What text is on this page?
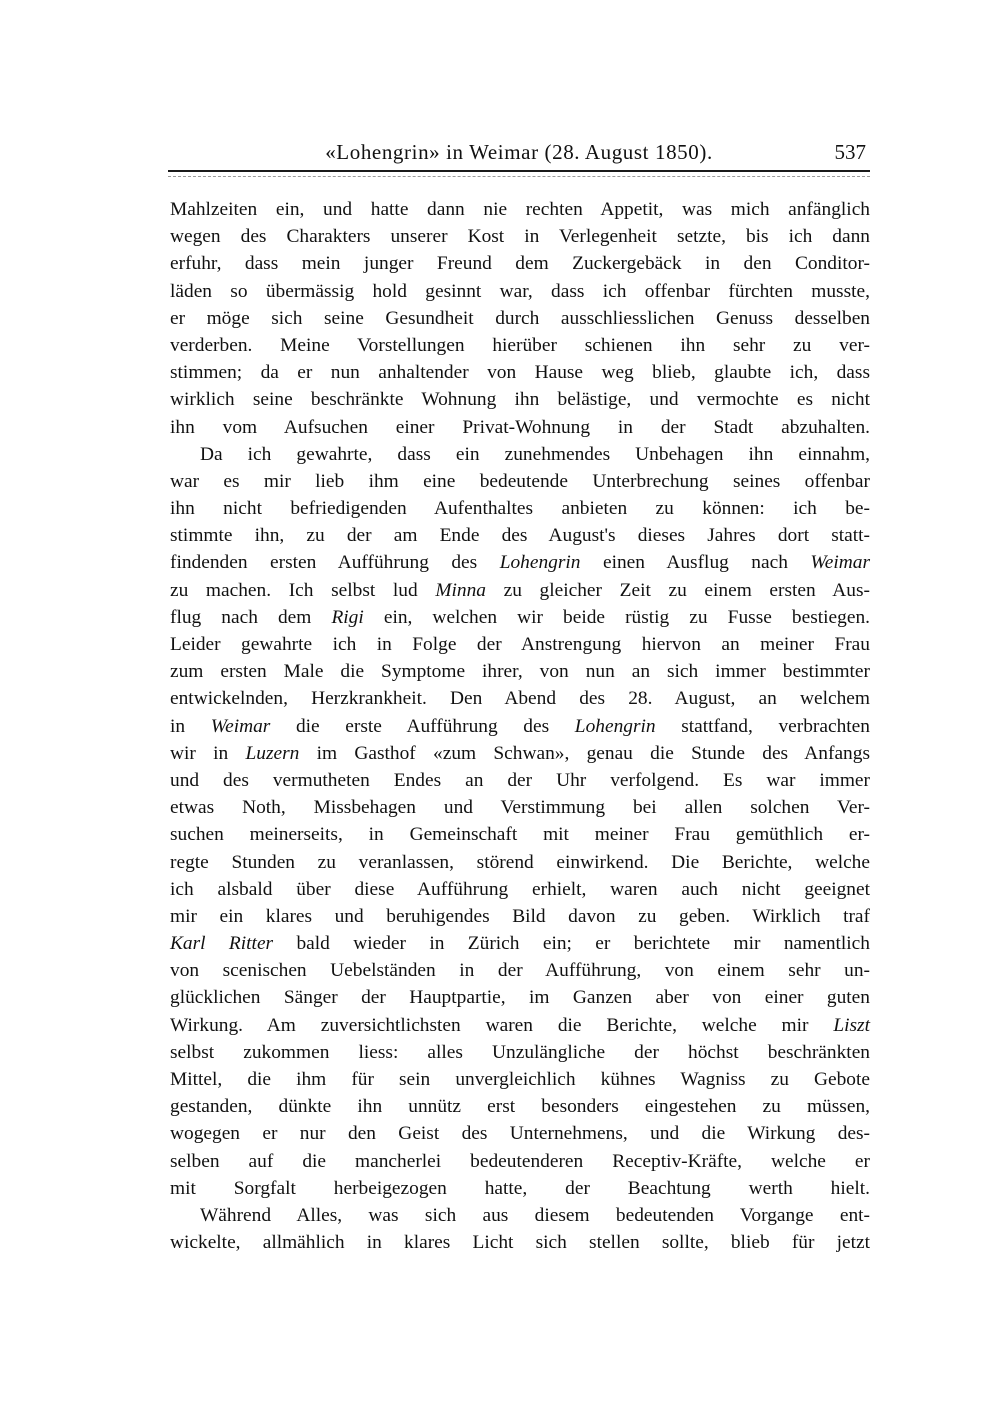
«Lohengrin» in Weimar (28. August 1850).	537
Mahlzeiten ein, und hatte dann nie rechten Appetit, was mich anfänglich
wegen des Charakters unserer Kost in Verlegenheit setzte, bis ich dann
erfuhr, dass mein junger Freund dem Zuckergebäck in den Conditor-
läden so übermässig hold gesinnt war, dass ich offenbar fürchten musste,
er möge sich seine Gesundheit durch ausschliesslichen Genuss desselben
verderben. Meine Vorstellungen hierüber schienen ihn sehr zu ver-
stimmen; da er nun anhaltender von Hause weg blieb, glaubte ich, dass
wirklich seine beschränkte Wohnung ihn belästige, und vermochte es nicht
ihn vom Aufsuchen einer Privat-Wohnung in der Stadt abzuhalten.
Da ich gewahrte, dass ein zunehmendes Unbehagen ihn einnahm,
war es mir lieb ihm eine bedeutende Unterbrechung seines offenbar
ihn nicht befriedigenden Aufenthaltes anbieten zu können: ich be-
stimmte ihn, zu der am Ende des August's dieses Jahres dort statt-
findenden ersten Aufführung des Lohengrin einen Ausflug nach Weimar
zu machen. Ich selbst lud Minna zu gleicher Zeit zu einem ersten Aus-
flug nach dem Rigi ein, welchen wir beide rüstig zu Fusse bestiegen.
Leider gewahrte ich in Folge der Anstrengung hiervon an meiner Frau
zum ersten Male die Symptome ihrer, von nun an sich immer bestimmter
entwickelnden, Herzkrankheit. Den Abend des 28. August, an welchem
in Weimar die erste Aufführung des Lohengrin stattfand, verbrachten
wir in Luzern im Gasthof «zum Schwan», genau die Stunde des Anfangs
und des vermutheten Endes an der Uhr verfolgend. Es war immer
etwas Noth, Missbehagen und Verstimmung bei allen solchen Ver-
suchen meinerseits, in Gemeinschaft mit meiner Frau gemüthlich er-
regte Stunden zu veranlassen, störend einwirkend. Die Berichte, welche
ich alsbald über diese Aufführung erhielt, waren auch nicht geeignet
mir ein klares und beruhigendes Bild davon zu geben. Wirklich traf
Karl Ritter bald wieder in Zürich ein; er berichtete mir namentlich
von scenischen Uebelständen in der Aufführung, von einem sehr un-
glücklichen Sänger der Hauptpartie, im Ganzen aber von einer guten
Wirkung. Am zuversichtlichsten waren die Berichte, welche mir Liszt
selbst zukommen liess: alles Unzulängliche der höchst beschränkten
Mittel, die ihm für sein unvergleichlich kühnes Wagniss zu Gebote
gestanden, dünkte ihn unnütz erst besonders eingestehen zu müssen,
wogegen er nur den Geist des Unternehmens, und die Wirkung des-
selben auf die mancherlei bedeutenderen Receptiv-Kräfte, welche er
mit Sorgfalt herbeigezogen hatte, der Beachtung werth hielt.
Während Alles, was sich aus diesem bedeutenden Vorgange ent-
wickelte, allmählich in klares Licht sich stellen sollte, blieb für jetzt
